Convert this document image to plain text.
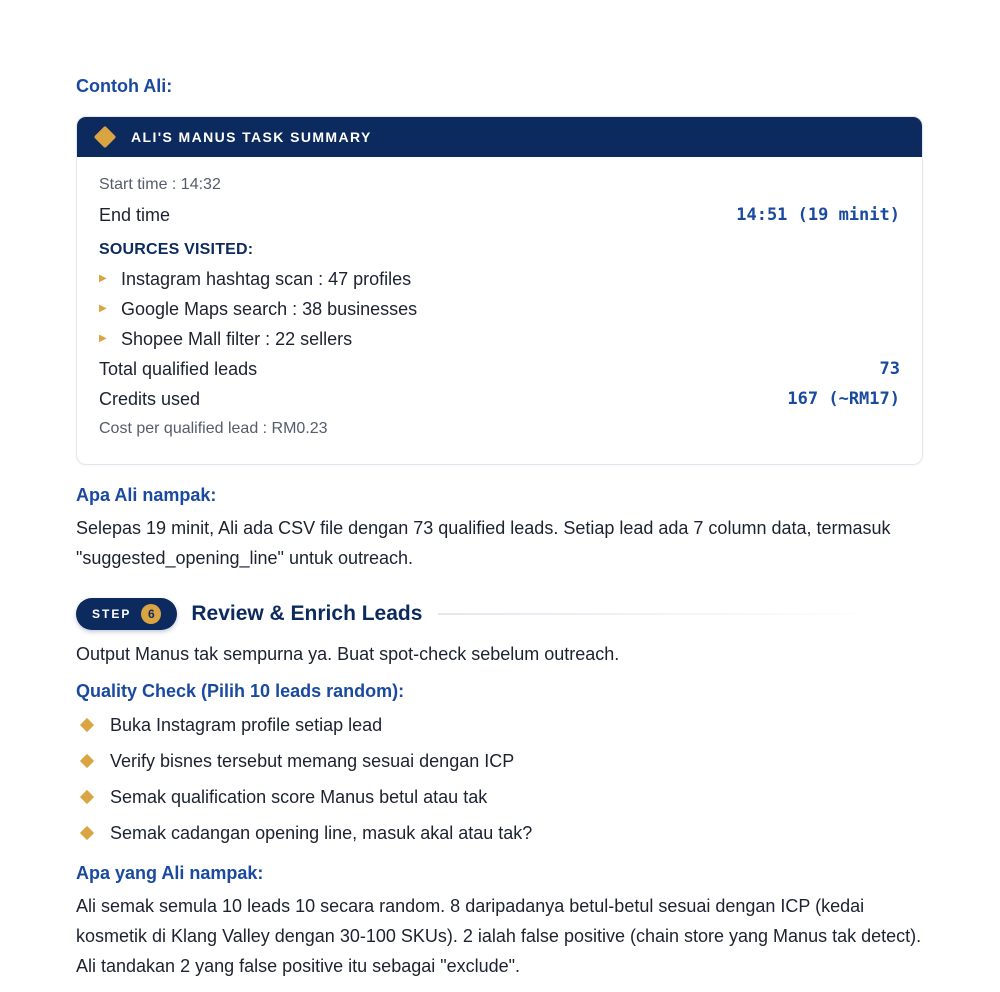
Contoh Ali:
ALI'S MANUS TASK SUMMARY
Start time : 14:32
End time	14:51 (19 minit)
SOURCES VISITED:
▶ Instagram hashtag scan : 47 profiles
▶ Google Maps search : 38 businesses
▶ Shopee Mall filter : 22 sellers
Total qualified leads	73
Credits used	167 (~RM17)
Cost per qualified lead : RM0.23
Apa Ali nampak:
Selepas 19 minit, Ali ada CSV file dengan 73 qualified leads. Setiap lead ada 7 column data, termasuk "suggested_opening_line" untuk outreach.
STEP	6	Review & Enrich Leads
Output Manus tak sempurna ya. Buat spot-check sebelum outreach.
Quality Check (Pilih 10 leads random):
Buka Instagram profile setiap lead
Verify bisnes tersebut memang sesuai dengan ICP
Semak qualification score Manus betul atau tak
Semak cadangan opening line, masuk akal atau tak?
Apa yang Ali nampak:
Ali semak semula 10 leads 10 secara random. 8 daripadanya betul-betul sesuai dengan ICP (kedai kosmetik di Klang Valley dengan 30-100 SKUs). 2 ialah false positive (chain store yang Manus tak detect). Ali tandakan 2 yang false positive itu sebagai "exclude".
